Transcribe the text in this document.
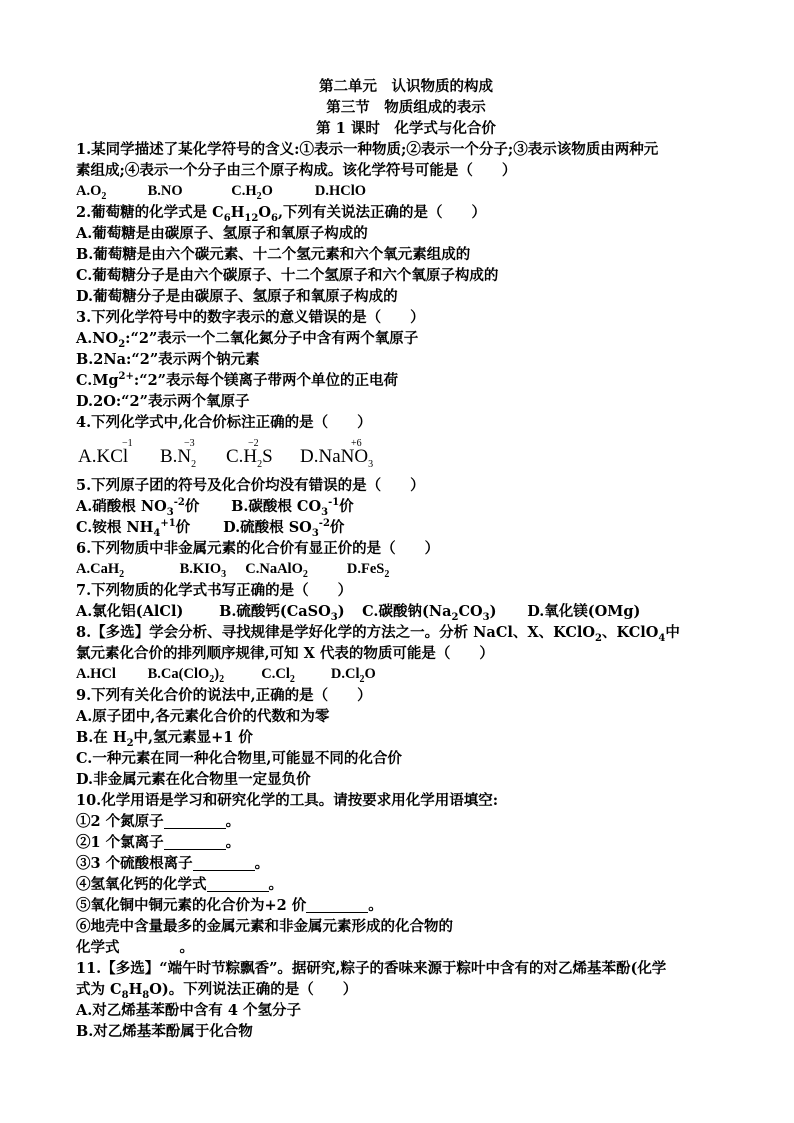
第二单元　认识物质的构成
第三节　物质组成的表示
第 1 课时　化学式与化合价
1.某同学描述了某化学符号的含义:①表示一种物质;②表示一个分子;③表示该物质由两种元
素组成;④表示一个分子由三个原子构成。该化学符号可能是（　　）
$A.O_2$	B.NO	$C.H_2O$	D.HClO
2.葡萄糖的化学式是 $C_6H_{12}O_6$,下列有关说法正确的是（　　）
A.葡萄糖是由碳原子、氢原子和氧原子构成的
B.葡萄糖是由六个碳元素、十二个氢元素和六个氧元素组成的
C.葡萄糖分子是由六个碳原子、十二个氢原子和六个氧原子构成的
D.葡萄糖分子是由碳原子、氢原子和氧原子构成的
3.下列化学符号中的数字表示的意义错误的是（　　）
$A.NO_2:“2$”表示一个二氧化氮分子中含有两个氧原子
B.2Na:“2”表示两个钠元素
$C.Mg^{2+}:“2$”表示每个镁离子带两个单位的正电荷
D.2O:“2”表示两个氧原子
4.下列化学式中,化合价标注正确的是（　　）
−1
A.KCl
−3
$B.N_2$
−2
$C.H_2S$
+6
D.NaNO$_3$
5.下列原子团的符号及化合价均没有错误的是（　　）
A.硝酸根 $NO_3^{-2}$价 B.碳酸根 $CO_3^{-1}$价
C.铵根 $NH_4^{+1}$价 D.硫酸根 $SO_3^{-2}$价
6.下列物质中非金属元素的化合价有显正价的是（　　）
A.CaH$_2$	$B.KIO_3$ C.NaAlO$_2$	D.FeS$_2$
7.下列物质的化学式书写正确的是（　　）
A.氯化铝(AlCl) B.硫酸钙(CaSO$_3$) C.碳酸钠$(Na_2CO_3)$ D.氧化镁(OMg)
8.【多选】学会分析、寻找规律是学好化学的方法之一。分析 NaCl、X、KClO$_2$、KClO$_4$中
氯元素化合价的排列顺序规律,可知 X 代表的物质可能是（　　）
A.HCl $B.Ca(ClO_2)_2$	$C.Cl_2$ $D.Cl_2O$
9.下列有关化合价的说法中,正确的是（　　）
A.原子团中,各元素化合价的代数和为零
B.在 $H_2$中,氢元素显+1 价
C.一种元素在同一种化合物里,可能显不同的化合价
D.非金属元素在化合物里一定显负价
10.化学用语是学习和研究化学的工具。请按要求用化学用语填空:
①2 个氮原子	。
②1 个氯离子	。
③3 个硫酸根离子	。
④氢氧化钙的化学式	。
⑤氧化铜中铜元素的化合价为+2 价	。
⑥地壳中含量最多的金属元素和非金属元素形成的化合物的
化学式	。
11.【多选】“端午时节粽飘香”。据研究,粽子的香味来源于粽叶中含有的对乙烯基苯酚(化学
式为 $C_8H_8O$)。下列说法正确的是（　　）
A.对乙烯基苯酚中含有 4 个氢分子
B.对乙烯基苯酚属于化合物
